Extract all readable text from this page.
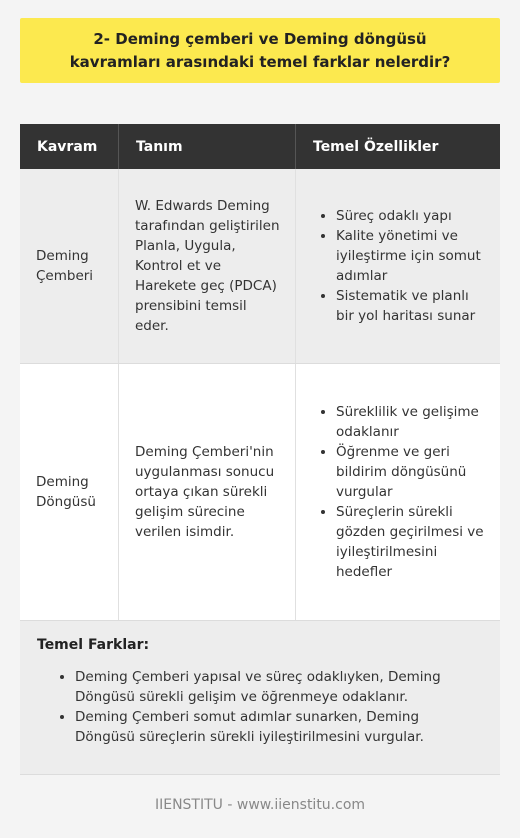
2- Deming çemberi ve Deming döngüsü kavramları arasındaki temel farklar nelerdir?
Kavram	Tanım	Temel Özellikler
Deming Çemberi
W. Edwards Deming tarafından geliştirilen Planla, Uygula, Kontrol et ve Harekete geç (PDCA) prensibini temsil eder.
• Süreç odaklı yapı
• Kalite yönetimi ve iyileştirme için somut adımlar
• Sistematik ve planlı bir yol haritası sunar
Deming Döngüsü
Deming Çemberi'nin uygulanması sonucu ortaya çıkan sürekli gelişim sürecine verilen isimdir.
• Süreklilik ve gelişime odaklanır
• Öğrenme ve geri bildirim döngüsünü vurgular
• Süreçlerin sürekli gözden geçirilmesi ve iyileştirilmesini hedefler
Temel Farklar:
• Deming Çemberi yapısal ve süreç odaklıyken, Deming Döngüsü sürekli gelişim ve öğrenmeye odaklanır.
• Deming Çemberi somut adımlar sunarken, Deming Döngüsü süreçlerin sürekli iyileştirilmesini vurgular.
IIENSTITU - www.iienstitu.com
